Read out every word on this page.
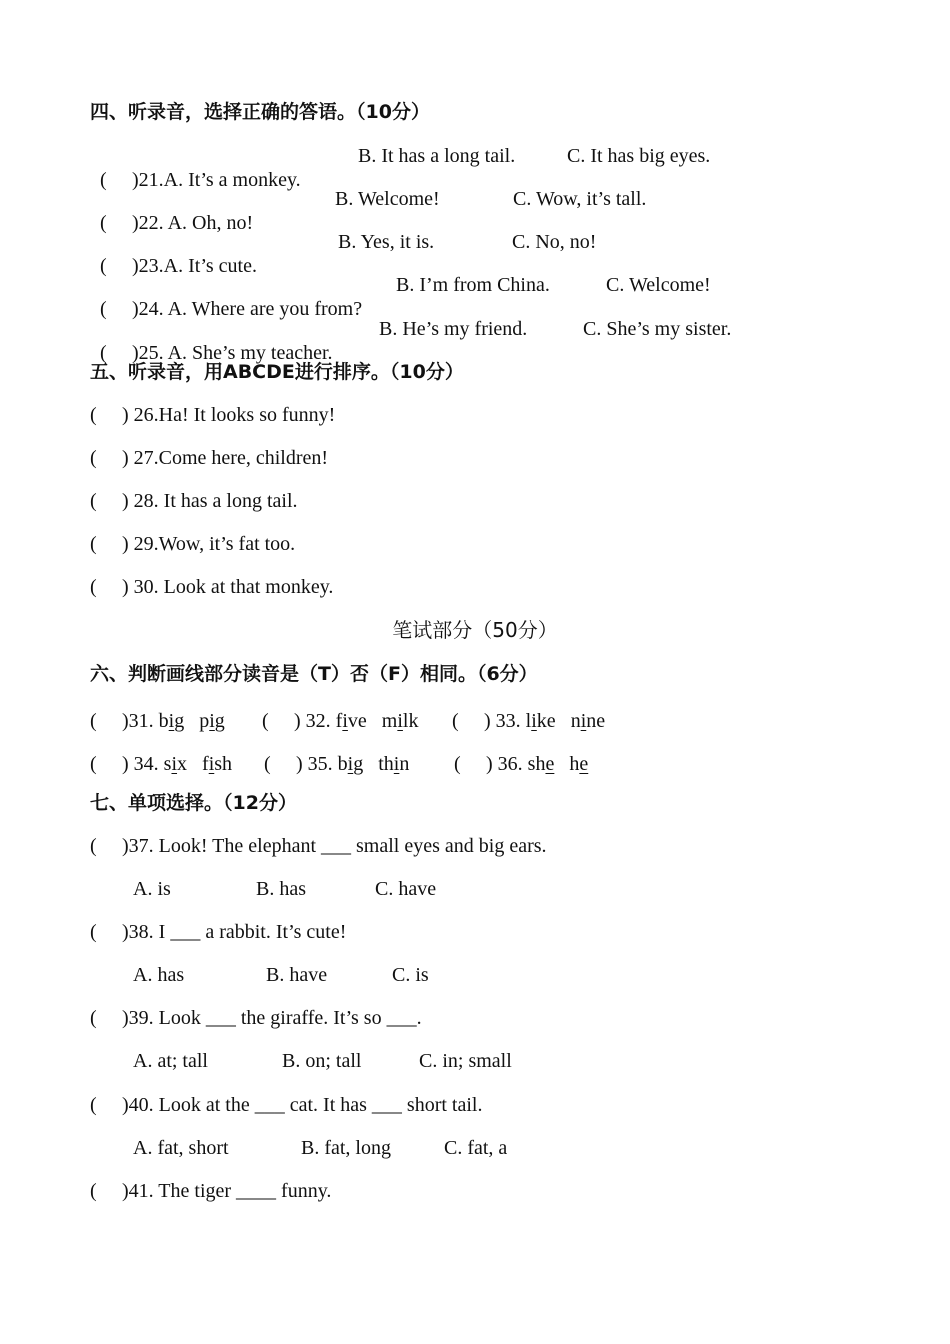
四、听录音，选择正确的答语。（10分）

( )21.A. It’s a monkey.

B. It has a long tail.	C. It has big eyes.

( )22. A. Oh, no!

B. Welcome!	C. Wow, it’s tall.

( )23.A. It’s cute.

B. Yes, it is.	C. No, no!

( )24. A. Where are you from?

B. I’m from China.	C. Welcome!

( )25. A. She’s my teacher.

B. He’s my friend.	C. She’s my sister.
五、听录音，用ABCDE进行排序。（10分）
( ) 26.Ha! It looks so funny!
( ) 27.Come here, children!
( ) 28. It has a long tail.
( ) 29.Wow, it’s fat too.
( ) 30. Look at that monkey.
笔试部分（50分）
六、判断画线部分读音是（T）否（F）相同。（6分）
( )31. big pig ( ) 32. five milk ( ) 33. like nine
( ) 34. six fish ( ) 35. big thin ( ) 36. she he
七、单项选择。（12分）
( )37. Look! The elephant ___ small eyes and big ears.
A. is	B. has	C. have
( )38. I ___ a rabbit. It’s cute!
A. has	B. have	C. is
( )39. Look ___ the giraffe. It’s so ___.
A. at; tall	B. on; tall	C. in; small
( )40. Look at the ___ cat. It has ___ short tail.
A. fat, short	B. fat, long	C. fat, a
( )41. The tiger ____ funny.
